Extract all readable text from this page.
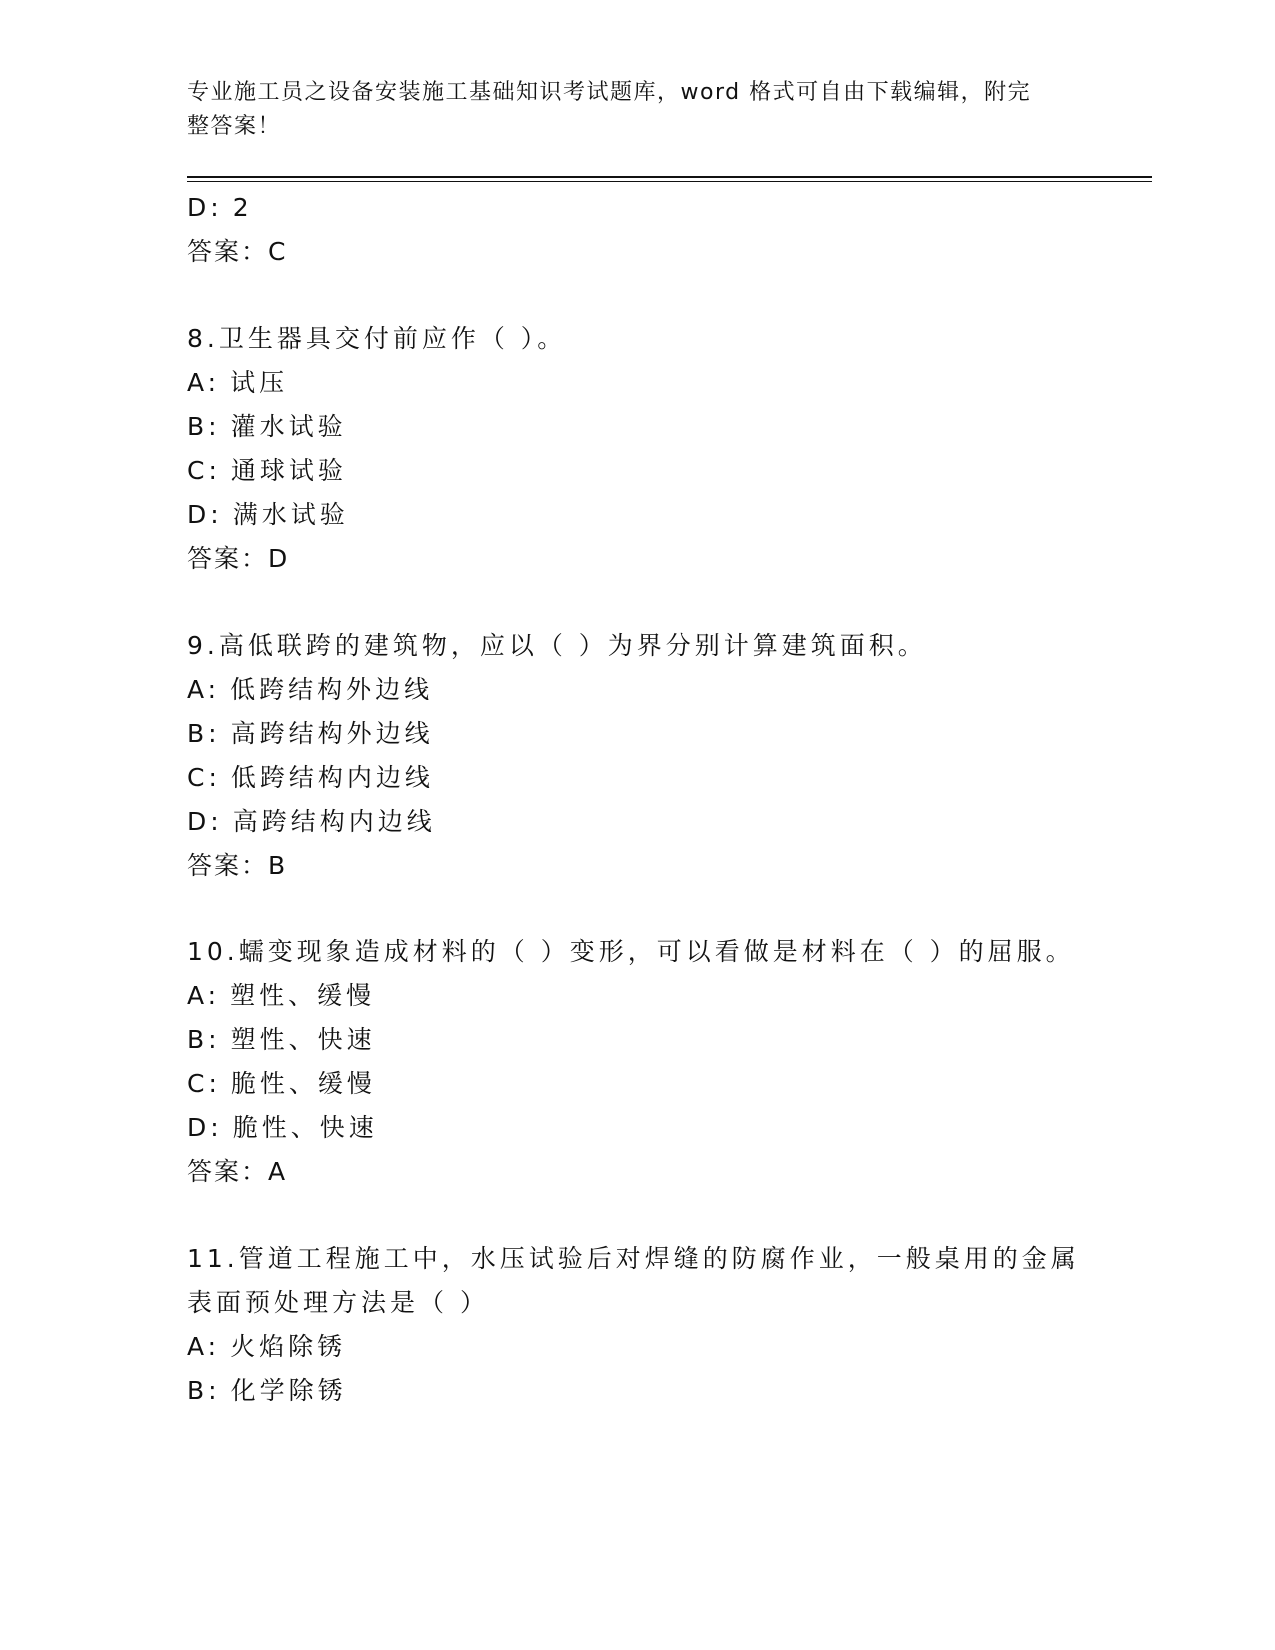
专业施工员之设备安装施工基础知识考试题库，word 格式可自由下载编辑，附完
整答案！
D: 2
答案：C
8.卫生器具交付前应作（ ）。
A: 试压
B: 灌水试验
C: 通球试验
D: 满水试验
答案：D
9.高低联跨的建筑物，应以（ ）为界分别计算建筑面积。
A: 低跨结构外边线
B: 高跨结构外边线
C: 低跨结构内边线
D: 高跨结构内边线
答案：B
10.蠕变现象造成材料的（ ）变形，可以看做是材料在（ ）的屈服。
A: 塑性、缓慢
B: 塑性、快速
C: 脆性、缓慢
D: 脆性、快速
答案：A
11.管道工程施工中，水压试验后对焊缝的防腐作业，一般桌用的金属
表面预处理方法是（ ）
A: 火焰除锈
B: 化学除锈
